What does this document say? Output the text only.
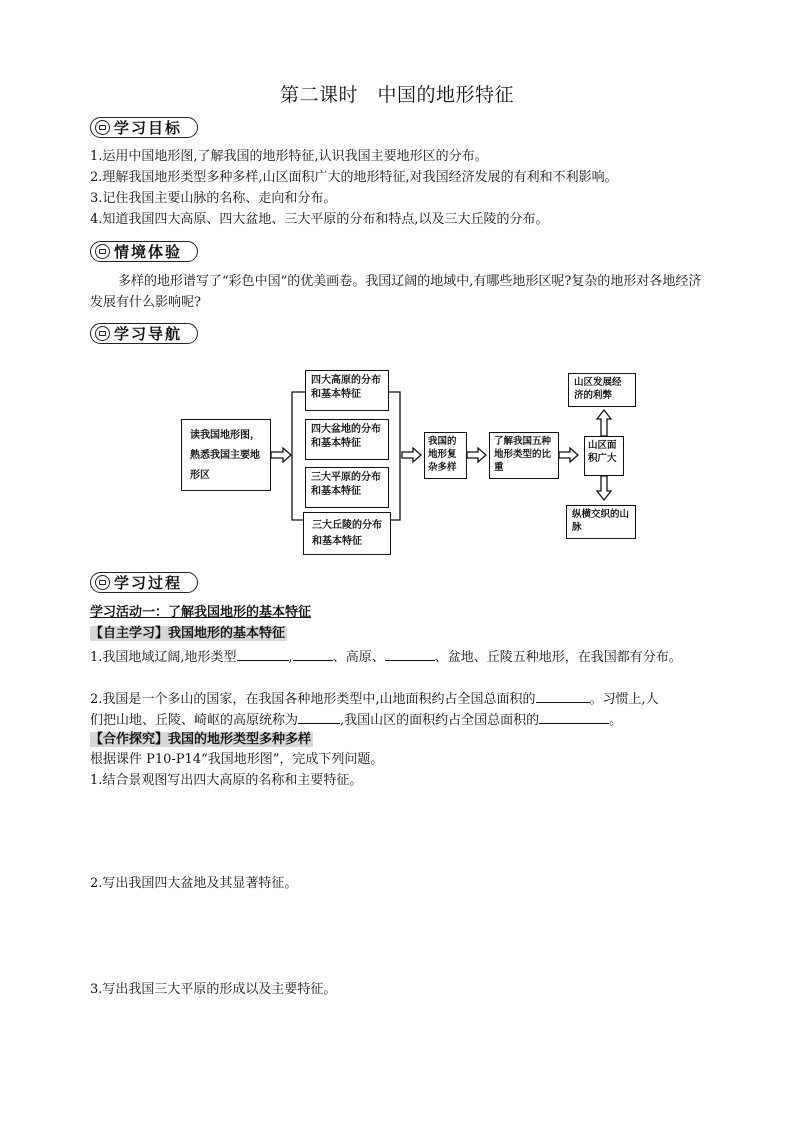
第二课时　中国的地形特征
学习目标
1.运用中国地形图,了解我国的地形特征,认识我国主要地形区的分布。
2.理解我国地形类型多种多样,山区面积广大的地形特征,对我国经济发展的有利和不利影响。
3.记住我国主要山脉的名称、走向和分布。
4.知道我国四大高原、四大盆地、三大平原的分布和特点,以及三大丘陵的分布。
情境体验
多样的地形谱写了“彩色中国”的优美画卷。我国辽阔的地域中,有哪些地形区呢?复杂的地形对各地经济发展有什么影响呢?
学习导航
读我国地形图，熟悉我国主要地形区
四大高原的分布和基本特征
四大盆地的分布和基本特征
三大平原的分布和基本特征
三大丘陵的分布和基本特征
我国的地形复杂多样
了解我国五种地形类型的比重
山区面积广大
山区发展经济的利弊
纵横交织的山脉
学习过程
学习活动一：了解我国地形的基本特征
【自主学习】我国地形的基本特征
1.我国地域辽阔,地形类型	,	、高原、	、盆地、丘陵五种地形，在我国都有分布。
2.我国是一个多山的国家，在我国各种地形类型中,山地面积约占全国总面积的	。习惯上,人
们把山地、丘陵、崎岖的高原统称为	,我国山区的面积约占全国总面积的	。
【合作探究】我国的地形类型多种多样
根据课件 P10-P14“我国地形图”，完成下列问题。
1.结合景观图写出四大高原的名称和主要特征。
2.写出我国四大盆地及其显著特征。
3.写出我国三大平原的形成以及主要特征。
